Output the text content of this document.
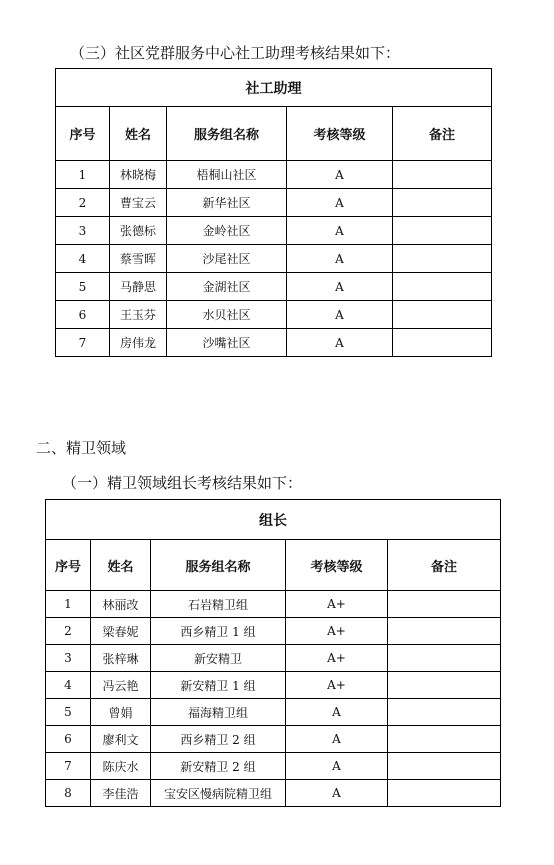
（三）社区党群服务中心社工助理考核结果如下：
社工助理				
序号	姓名	服务组名称	考核等级	备注
1	林晓梅	梧桐山社区	A	
2	曹宝云	新华社区	A	
3	张德标	金岭社区	A	
4	蔡雪晖	沙尾社区	A	
5	马静思	金湖社区	A	
6	王玉芬	水贝社区	A	
7	房伟龙	沙嘴社区	A	
二、精卫领域
（一）精卫领域组长考核结果如下：
组长				
序号	姓名	服务组名称	考核等级	备注
1	林丽改	石岩精卫组	A+	
2	梁春妮	西乡精卫 1 组	A+	
3	张梓琳	新安精卫	A+	
4	冯云艳	新安精卫 1 组	A+	
5	曾娟	福海精卫组	A	
6	廖利文	西乡精卫 2 组	A	
7	陈庆水	新安精卫 2 组	A	
8	李佳浩	宝安区慢病院精卫组	A	
